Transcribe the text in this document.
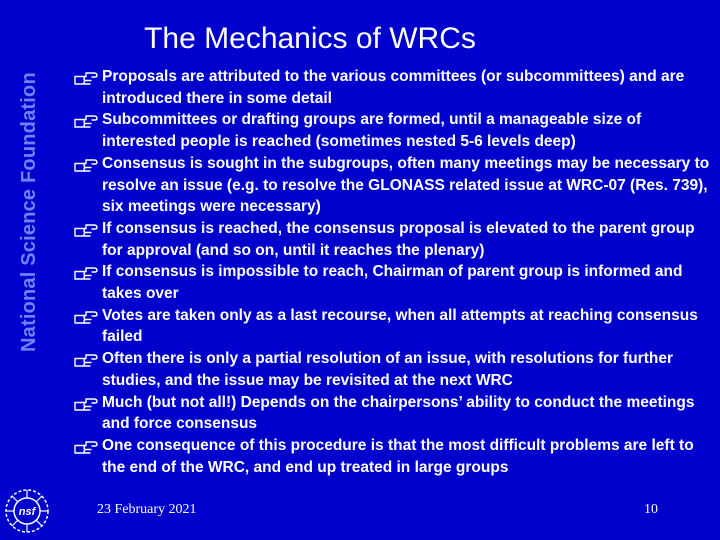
National Science Foundation
nsf
The Mechanics of WRCs
Proposals are attributed to the various committees (or subcommittees) and are introduced there in some detail
Subcommittees or drafting groups are formed, until a manageable size of interested people is reached (sometimes nested 5-6 levels deep)
Consensus is sought in the subgroups, often many meetings may be necessary to resolve an issue (e.g. to resolve the GLONASS related issue at WRC-07 (Res. 739), six meetings were necessary)
If consensus is reached, the consensus proposal is elevated to the parent group for approval (and so on, until it reaches the plenary)
If consensus is impossible to reach, Chairman of parent group is informed and takes over
Votes are taken only as a last recourse, when all attempts at reaching consensus failed
Often there is only a partial resolution of an issue, with resolutions for further studies, and the issue may be revisited at the next WRC
Much (but not all!) Depends on the chairpersons’ ability to conduct the meetings and force consensus
One consequence of this procedure is that the most difficult problems are left to the end of the WRC, and end up treated in large groups
23 February 2021	10
